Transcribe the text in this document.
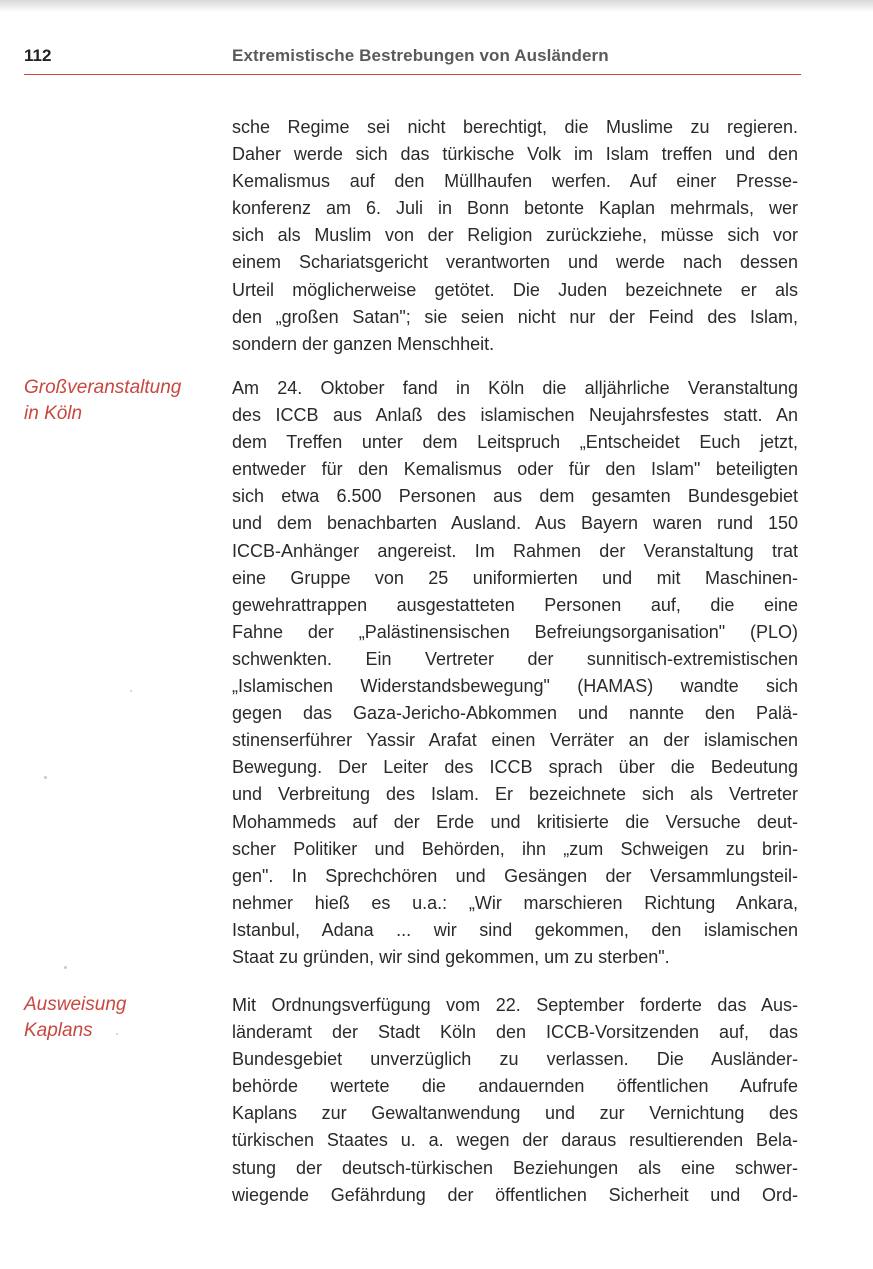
112	Extremistische Bestrebungen von Ausländern
sche Regime sei nicht berechtigt, die Muslime zu regieren.
Daher werde sich das türkische Volk im Islam treffen und den
Kemalismus auf den Müllhaufen werfen. Auf einer Presse-
konferenz am 6. Juli in Bonn betonte Kaplan mehrmals, wer
sich als Muslim von der Religion zurückziehe, müsse sich vor
einem Schariatsgericht verantworten und werde nach dessen
Urteil möglicherweise getötet. Die Juden bezeichnete er als
den „großen Satan"; sie seien nicht nur der Feind des Islam,
sondern der ganzen Menschheit.
Großveranstaltung
in Köln
Am 24. Oktober fand in Köln die alljährliche Veranstaltung
des ICCB aus Anlaß des islamischen Neujahrsfestes statt. An
dem Treffen unter dem Leitspruch „Entscheidet Euch jetzt,
entweder für den Kemalismus oder für den Islam" beteiligten
sich etwa 6.500 Personen aus dem gesamten Bundesgebiet
und dem benachbarten Ausland. Aus Bayern waren rund 150
ICCB-Anhänger angereist. Im Rahmen der Veranstaltung trat
eine Gruppe von 25 uniformierten und mit Maschinen-
gewehrattrappen ausgestatteten Personen auf, die eine
Fahne der „Palästinensischen Befreiungsorganisation" (PLO)
schwenkten. Ein Vertreter der sunnitisch-extremistischen
„Islamischen Widerstandsbewegung" (HAMAS) wandte sich
gegen das Gaza-Jericho-Abkommen und nannte den Palä-
stinenserführer Yassir Arafat einen Verräter an der islamischen
Bewegung. Der Leiter des ICCB sprach über die Bedeutung
und Verbreitung des Islam. Er bezeichnete sich als Vertreter
Mohammeds auf der Erde und kritisierte die Versuche deut-
scher Politiker und Behörden, ihn „zum Schweigen zu brin-
gen". In Sprechchören und Gesängen der Versammlungsteil-
nehmer hieß es u.a.: „Wir marschieren Richtung Ankara,
Istanbul, Adana ... wir sind gekommen, den islamischen
Staat zu gründen, wir sind gekommen, um zu sterben".
Ausweisung
Kaplans
Mit Ordnungsverfügung vom 22. September forderte das Aus-
länderamt der Stadt Köln den ICCB-Vorsitzenden auf, das
Bundesgebiet unverzüglich zu verlassen. Die Ausländer-
behörde wertete die andauernden öffentlichen Aufrufe
Kaplans zur Gewaltanwendung und zur Vernichtung des
türkischen Staates u. a. wegen der daraus resultierenden Bela-
stung der deutsch-türkischen Beziehungen als eine schwer-
wiegende Gefährdung der öffentlichen Sicherheit und Ord-
